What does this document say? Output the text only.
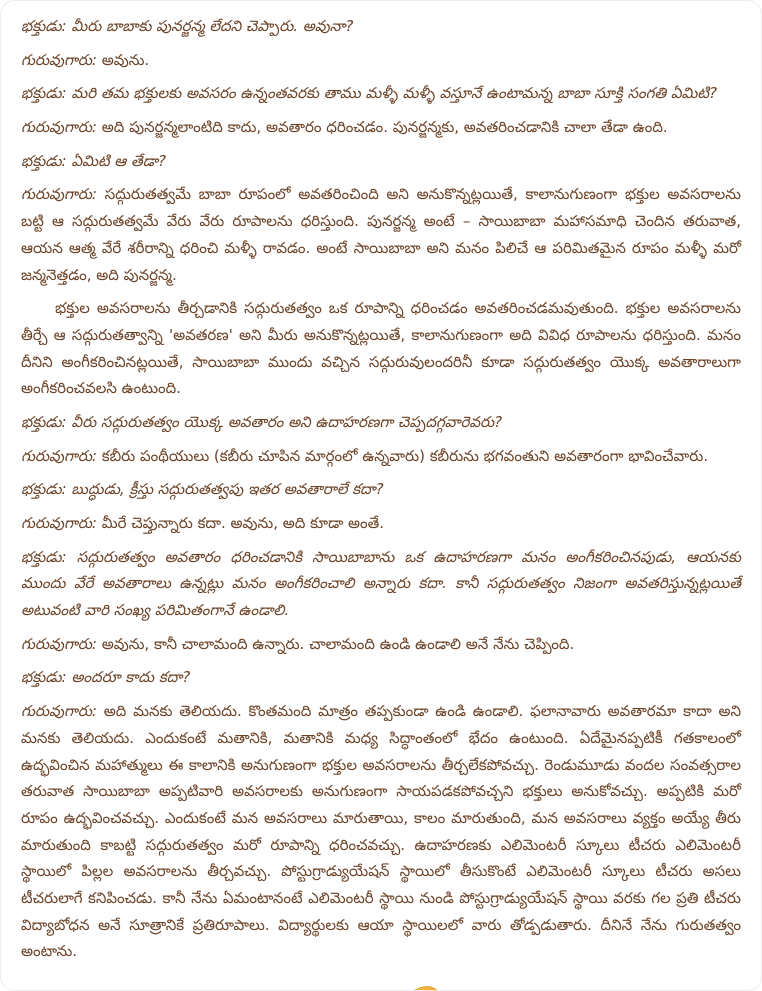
భక్తుడు: మీరు బాబాకు పునర్జన్మ లేదని చెప్పారు. అవునా?

గురువుగారు: అవును.

భక్తుడు: మరి తమ భక్తులకు అవసరం ఉన్నంతవరకు తాము మళ్ళీ మళ్ళీ వస్తూనే ఉంటామన్న బాబా సూక్తి సంగతి ఏమిటి?

గురువుగారు: అది పునర్జన్మలాంటిది కాదు, అవతారం ధరించడం. పునర్జన్మకు, అవతరించడానికి చాలా తేడా ఉంది.

భక్తుడు: ఏమిటి ఆ తేడా?

గురువుగారు: సద్గురుతత్వమే బాబా రూపంలో అవతరించింది అని అనుకొన్నట్లయితే, కాలానుగుణంగా భక్తుల అవసరాలను బట్టి ఆ సద్గురుతత్వమే వేరు వేరు రూపాలను ధరిస్తుంది. పునర్జన్మ అంటే – సాయిబాబా మహాసమాధి చెందిన తరువాత, ఆయన ఆత్మ వేరే శరీరాన్ని ధరించి మళ్ళీ రావడం. అంటే సాయిబాబా అని మనం పిలిచే ఆ పరిమితమైన రూపం మళ్ళీ మరో జన్మనెత్తడం, అది పునర్జన్మ.

భక్తుల అవసరాలను తీర్చడానికి సద్గురుతత్వం ఒక రూపాన్ని ధరించడం అవతరించడమవుతుంది. భక్తుల అవసరాలను తీర్చే ఆ సద్గురుతత్వాన్ని 'అవతరణ' అని మీరు అనుకొన్నట్లయితే, కాలానుగుణంగా అది వివిధ రూపాలను ధరిస్తుంది. మనం దీనిని అంగీకరించినట్లయితే, సాయిబాబా ముందు వచ్చిన సద్గురువులందరినీ కూడా సద్గురుతత్వం యొక్క అవతారాలుగా అంగీకరించవలసి ఉంటుంది.

భక్తుడు: వీరు సద్గురుతత్వం యొక్క అవతారం అని ఉదాహరణగా చెప్పదగ్గవారెవరు?

గురువుగారు: కబీరు పంథీయులు (కబీరు చూపిన మార్గంలో ఉన్నవారు) కబీరును భగవంతుని అవతారంగా భావించేవారు.

భక్తుడు: బుద్ధుడు, క్రీస్తు సద్గురుతత్వపు ఇతర అవతారాలే కదా?

గురువుగారు: మీరే చెప్తున్నారు కదా. అవును, అది కూడా అంతే.

భక్తుడు: సద్గురుతత్వం అవతారం ధరించడానికి సాయిబాబాను ఒక ఉదాహరణగా మనం అంగీకరించినపుడు, ఆయనకు ముందు వేరే అవతారాలు ఉన్నట్లు మనం అంగీకరించాలి అన్నారు కదా. కానీ సద్గురుతత్వం నిజంగా అవతరిస్తున్నట్లయితే అటువంటి వారి సంఖ్య పరిమితంగానే ఉండాలి.

గురువుగారు: అవును, కానీ చాలామంది ఉన్నారు. చాలామంది ఉండి ఉండాలి అనే నేను చెప్పింది.

భక్తుడు: అందరూ కాదు కదా?

గురువుగారు: అది మనకు తెలియదు. కొంతమంది మాత్రం తప్పకుండా ఉండి ఉండాలి. ఫలానావారు అవతారమా కాదా అని మనకు తెలియదు. ఎందుకంటే మతానికి, మతానికి మధ్య సిద్ధాంతంలో భేదం ఉంటుంది. ఏదేమైనప్పటికీ గతకాలంలో ఉద్భవించిన మహాత్ములు ఈ కాలానికి అనుగుణంగా భక్తుల అవసరాలను తీర్చలేకపోవచ్చు. రెండుమూడు వందల సంవత్సరాల తరువాత సాయిబాబా అప్పటివారి అవసరాలకు అనుగుణంగా సాయపడకపోవచ్చని భక్తులు అనుకోవచ్చు. అప్పటికి మరో రూపం ఉద్భవించవచ్చు. ఎందుకంటే మన అవసరాలు మారుతాయి, కాలం మారుతుంది, మన అవసరాలు వ్యక్తం అయ్యే తీరు మారుతుంది కాబట్టి సద్గురుతత్వం మరో రూపాన్ని ధరించవచ్చు. ఉదాహరణకు ఎలిమెంటరీ స్కూలు టీచరు ఎలిమెంటరీ స్థాయిలో పిల్లల అవసరాలను తీర్చవచ్చు. పోస్టుగ్రాడ్యుయేషన్ స్థాయిలో తీసుకొంటే ఎలిమెంటరీ స్కూలు టీచరు అసలు టీచరులాగే కనిపించడు. కానీ నేను ఏమంటానంటే ఎలిమెంటరీ స్థాయి నుండి పోస్టుగ్రాడ్యుయేషన్ స్థాయి వరకు గల ప్రతి టీచరు విద్యాబోధన అనే సూత్రానికే ప్రతిరూపాలు. విద్యార్థులకు ఆయా స్థాయిలలో వారు తోడ్పడుతారు. దీనినే నేను గురుతత్వం అంటాను.
